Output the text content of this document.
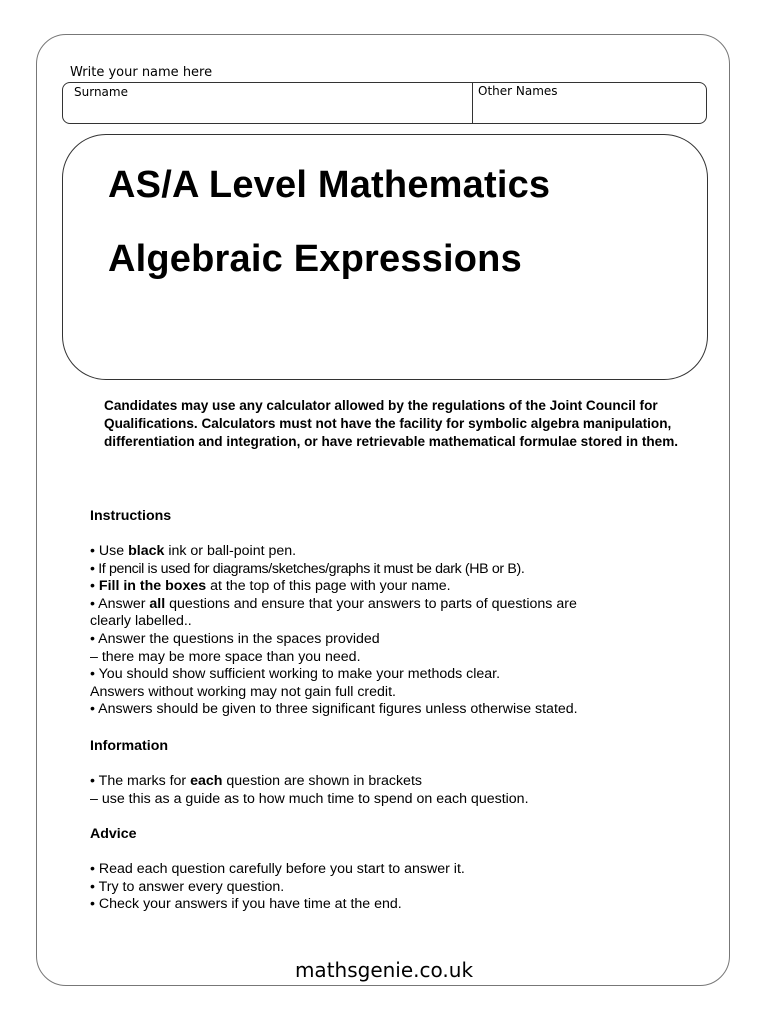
Write your name here
Surname	Other Names
AS/A Level Mathematics
Algebraic Expressions
Candidates may use any calculator allowed by the regulations of the Joint Council for Qualifications. Calculators must not have the facility for symbolic algebra manipulation, differentiation and integration, or have retrievable mathematical formulae stored in them.
Instructions
• Use black ink or ball-point pen.
• If pencil is used for diagrams/sketches/graphs it must be dark (HB or B).
• Fill in the boxes at the top of this page with your name.
• Answer all questions and ensure that your answers to parts of questions are
clearly labelled..
• Answer the questions in the spaces provided
– there may be more space than you need.
• You should show sufficient working to make your methods clear.
Answers without working may not gain full credit.
• Answers should be given to three significant figures unless otherwise stated.
Information
• The marks for each question are shown in brackets
– use this as a guide as to how much time to spend on each question.
Advice
• Read each question carefully before you start to answer it.
• Try to answer every question.
• Check your answers if you have time at the end.
mathsgenie.co.uk
